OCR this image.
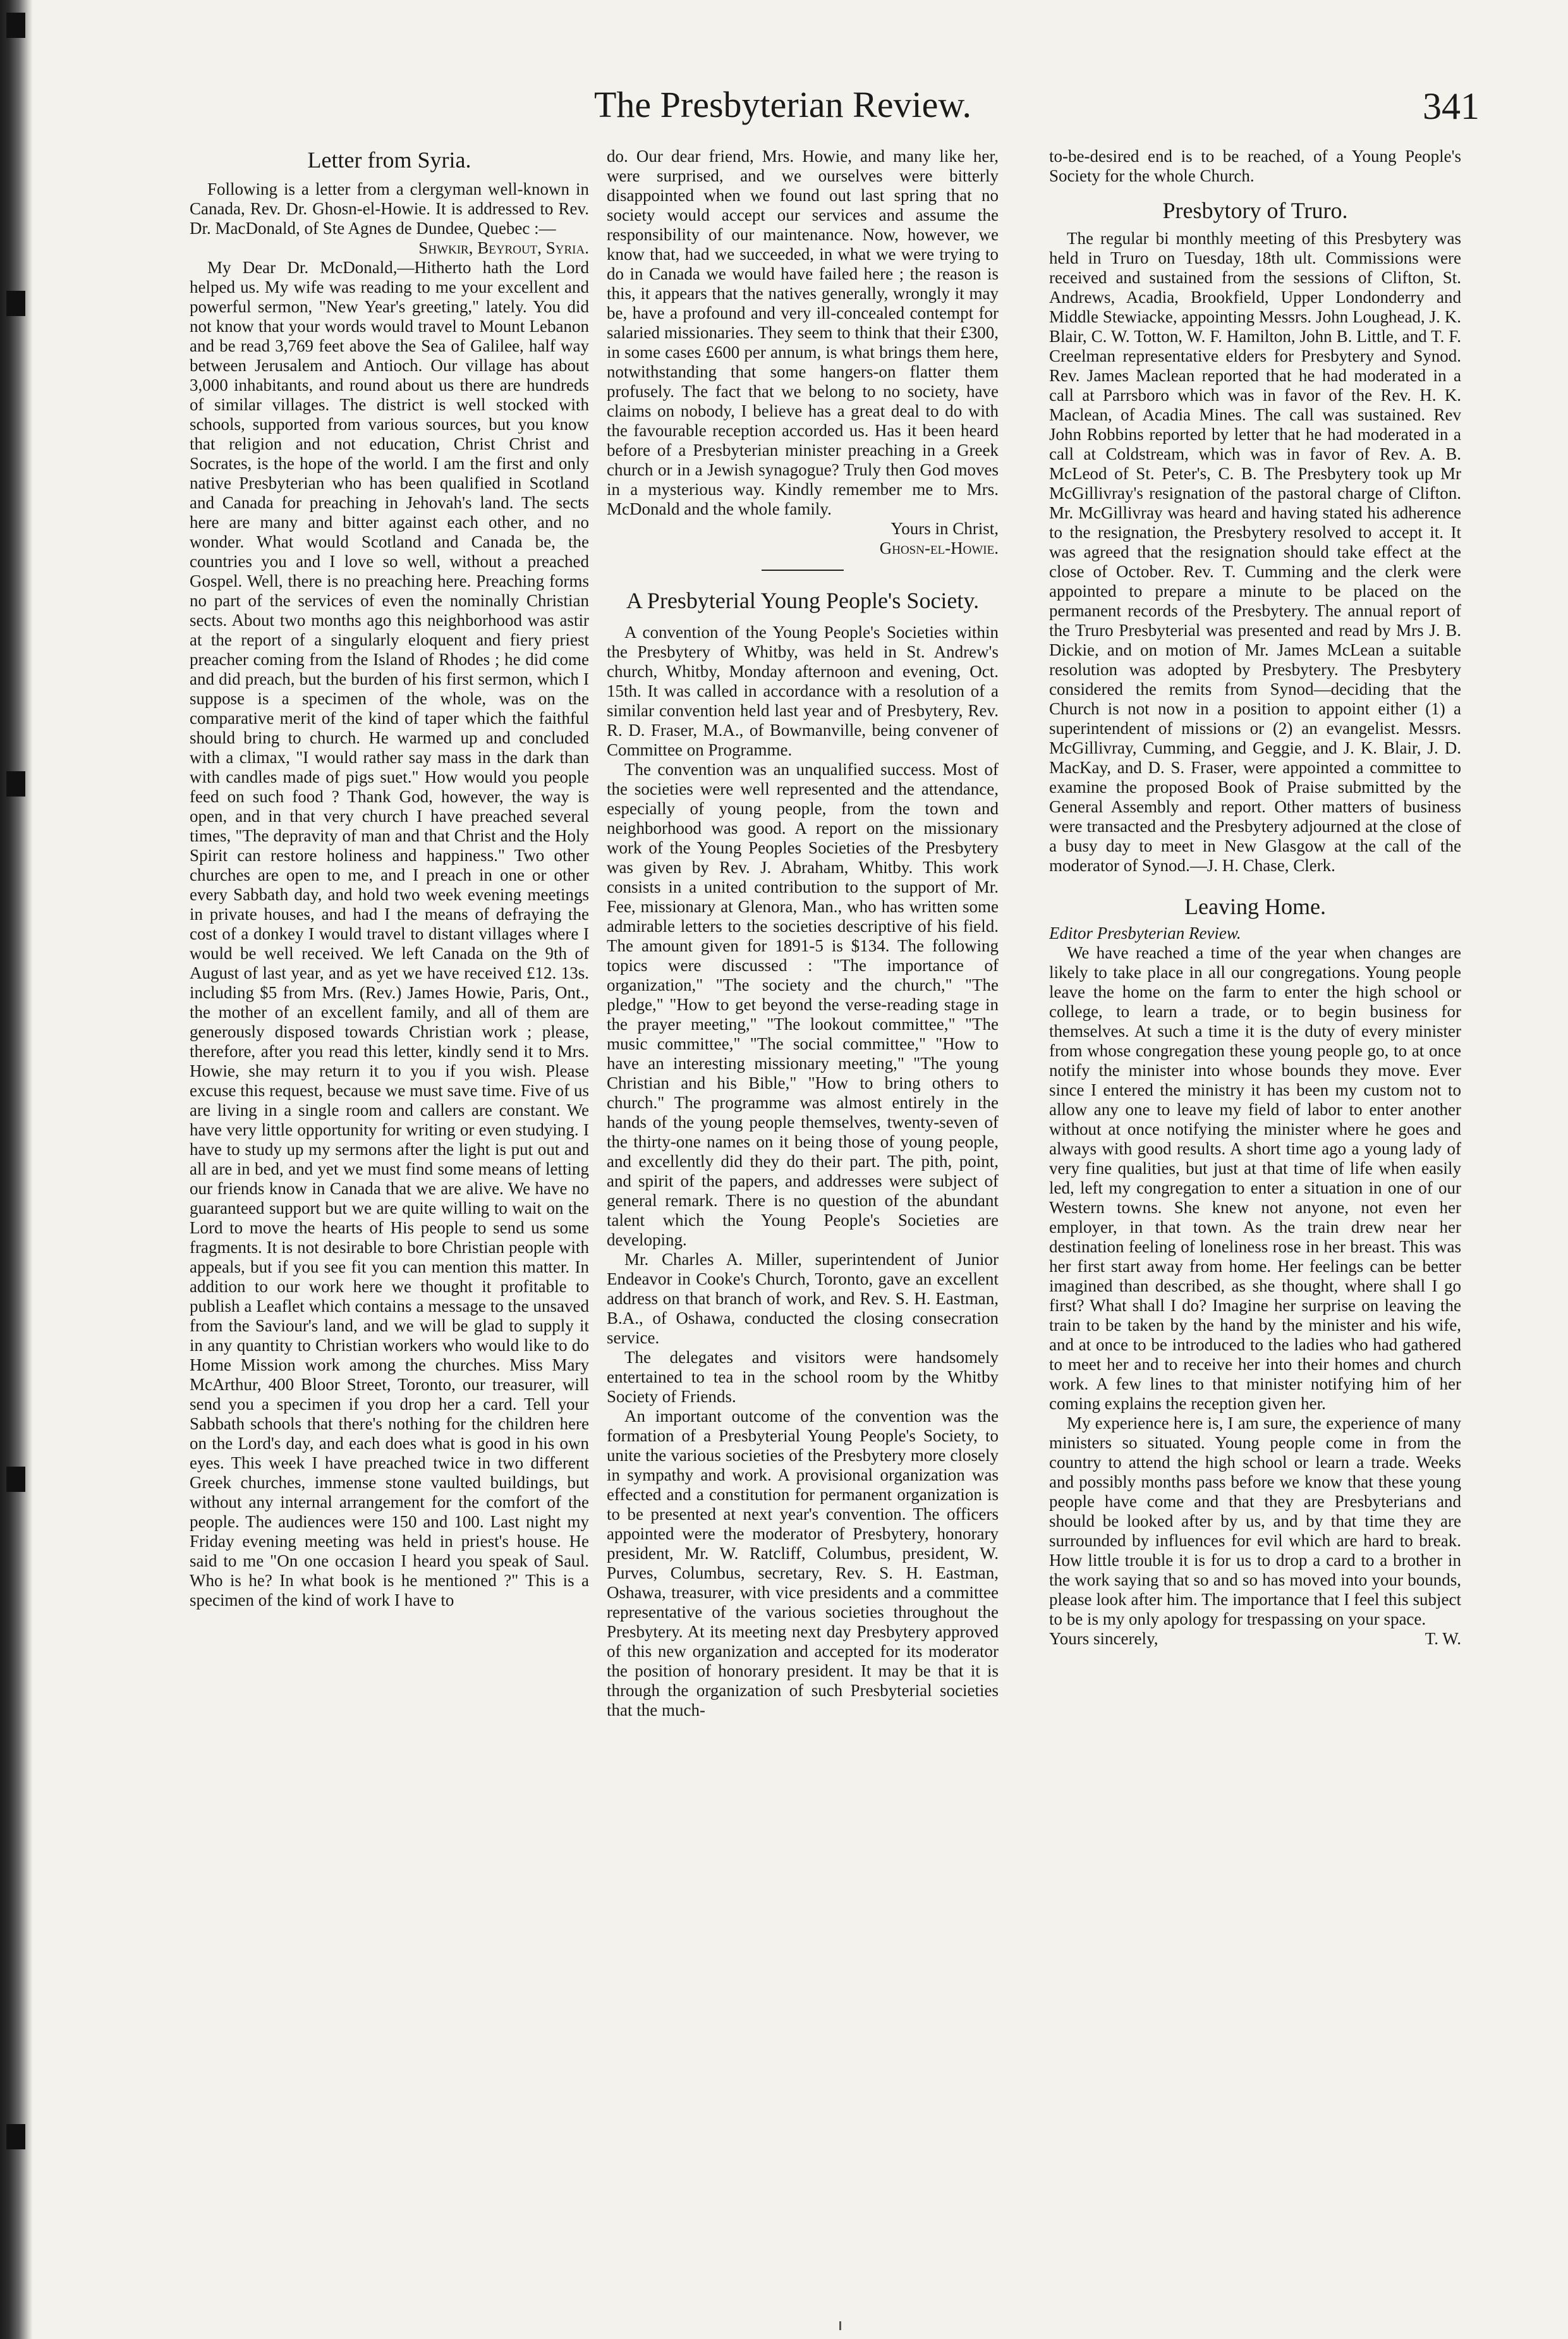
The Presbyterian Review.	341
Letter from Syria.

Following is a letter from a clergyman well-known in Canada, Rev. Dr. Ghosn-el-Howie. It is addressed to Rev. Dr. MacDonald, of Ste Agnes de Dundee, Quebec :—

Shwkir, Beyrout, Syria.

My Dear Dr. McDonald,—Hitherto hath the Lord helped us. My wife was reading to me your excellent and powerful sermon, "New Year's greeting," lately. You did not know that your words would travel to Mount Lebanon and be read 3,769 feet above the Sea of Galilee, half way between Jerusalem and Antioch. Our village has about 3,000 inhabitants, and round about us there are hundreds of similar villages. The district is well stocked with schools, supported from various sources, but you know that religion and not education, Christ Christ and Socrates, is the hope of the world. I am the first and only native Presbyterian who has been qualified in Scotland and Canada for preaching in Jehovah's land. The sects here are many and bitter against each other, and no wonder. What would Scotland and Canada be, the countries you and I love so well, without a preached Gospel. Well, there is no preaching here. Preaching forms no part of the services of even the nominally Christian sects. About two months ago this neighborhood was astir at the report of a singularly eloquent and fiery priest preacher coming from the Island of Rhodes ; he did come and did preach, but the burden of his first sermon, which I suppose is a specimen of the whole, was on the comparative merit of the kind of taper which the faithful should bring to church. He warmed up and concluded with a climax, "I would rather say mass in the dark than with candles made of pigs suet." How would you people feed on such food ? Thank God, however, the way is open, and in that very church I have preached several times, "The depravity of man and that Christ and the Holy Spirit can restore holiness and happiness." Two other churches are open to me, and I preach in one or other every Sabbath day, and hold two week evening meetings in private houses, and had I the means of defraying the cost of a donkey I would travel to distant villages where I would be well received. We left Canada on the 9th of August of last year, and as yet we have received £12. 13s. including $5 from Mrs. (Rev.) James Howie, Paris, Ont., the mother of an excellent family, and all of them are generously disposed towards Christian work ; please, therefore, after you read this letter, kindly send it to Mrs. Howie, she may return it to you if you wish. Please excuse this request, because we must save time. Five of us are living in a single room and callers are constant. We have very little opportunity for writing or even studying. I have to study up my sermons after the light is put out and all are in bed, and yet we must find some means of letting our friends know in Canada that we are alive. We have no guaranteed support but we are quite willing to wait on the Lord to move the hearts of His people to send us some fragments. It is not desirable to bore Christian people with appeals, but if you see fit you can mention this matter. In addition to our work here we thought it profitable to publish a Leaflet which contains a message to the unsaved from the Saviour's land, and we will be glad to supply it in any quantity to Christian workers who would like to do Home Mission work among the churches. Miss Mary McArthur, 400 Bloor Street, Toronto, our treasurer, will send you a specimen if you drop her a card. Tell your Sabbath schools that there's nothing for the children here on the Lord's day, and each does what is good in his own eyes. This week I have preached twice in two different Greek churches, immense stone vaulted buildings, but without any internal arrangement for the comfort of the people. The audiences were 150 and 100. Last night my Friday evening meeting was held in priest's house. He said to me "On one occasion I heard you speak of Saul. Who is he? In what book is he mentioned ?" This is a specimen of the kind of work I have to

do. Our dear friend, Mrs. Howie, and many like her, were surprised, and we ourselves were bitterly disappointed when we found out last spring that no society would accept our services and assume the responsibility of our maintenance. Now, however, we know that, had we succeeded, in what we were trying to do in Canada we would have failed here ; the reason is this, it appears that the natives generally, wrongly it may be, have a profound and very ill-concealed contempt for salaried missionaries. They seem to think that their £300, in some cases £600 per annum, is what brings them here, notwithstanding that some hangers-on flatter them profusely. The fact that we belong to no society, have claims on nobody, I believe has a great deal to do with the favourable reception accorded us. Has it been heard before of a Presbyterian minister preaching in a Greek church or in a Jewish synagogue? Truly then God moves in a mysterious way. Kindly remember me to Mrs. McDonald and the whole family.

Yours in Christ,

Ghosn-el-Howie.

A Presbyterial Young People's Society.

A convention of the Young People's Societies within the Presbytery of Whitby, was held in St. Andrew's church, Whitby, Monday afternoon and evening, Oct. 15th. It was called in accordance with a resolution of a similar convention held last year and of Presbytery, Rev. R. D. Fraser, M.A., of Bowmanville, being convener of Committee on Programme.

The convention was an unqualified success. Most of the societies were well represented and the attendance, especially of young people, from the town and neighborhood was good. A report on the missionary work of the Young Peoples Societies of the Presbytery was given by Rev. J. Abraham, Whitby. This work consists in a united contribution to the support of Mr. Fee, missionary at Glenora, Man., who has written some admirable letters to the societies descriptive of his field. The amount given for 1891-5 is $134. The following topics were discussed : "The importance of organization," "The society and the church," "The pledge," "How to get beyond the verse-reading stage in the prayer meeting," "The lookout committee," "The music committee," "The social committee," "How to have an interesting missionary meeting," "The young Christian and his Bible," "How to bring others to church." The programme was almost entirely in the hands of the young people themselves, twenty-seven of the thirty-one names on it being those of young people, and excellently did they do their part. The pith, point, and spirit of the papers, and addresses were subject of general remark. There is no question of the abundant talent which the Young People's Societies are developing.

Mr. Charles A. Miller, superintendent of Junior Endeavor in Cooke's Church, Toronto, gave an excellent address on that branch of work, and Rev. S. H. Eastman, B.A., of Oshawa, conducted the closing consecration service.

The delegates and visitors were handsomely entertained to tea in the school room by the Whitby Society of Friends.

An important outcome of the convention was the formation of a Presbyterial Young People's Society, to unite the various societies of the Presbytery more closely in sympathy and work. A provisional organization was effected and a constitution for permanent organization is to be presented at next year's convention. The officers appointed were the moderator of Presbytery, honorary president, Mr. W. Ratcliff, Columbus, president, W. Purves, Columbus, secretary, Rev. S. H. Eastman, Oshawa, treasurer, with vice presidents and a committee representative of the various societies throughout the Presbytery. At its meeting next day Presbytery approved of this new organization and accepted for its moderator the position of honorary president. It may be that it is through the organization of such Presbyterial societies that the much-

to-be-desired end is to be reached, of a Young People's Society for the whole Church.

Presbytory of Truro.

The regular bi monthly meeting of this Presbytery was held in Truro on Tuesday, 18th ult. Commissions were received and sustained from the sessions of Clifton, St. Andrews, Acadia, Brookfield, Upper Londonderry and Middle Stewiacke, appointing Messrs. John Loughead, J. K. Blair, C. W. Totton, W. F. Hamilton, John B. Little, and T. F. Creelman representative elders for Presbytery and Synod. Rev. James Maclean reported that he had moderated in a call at Parrsboro which was in favor of the Rev. H. K. Maclean, of Acadia Mines. The call was sustained. Rev John Robbins reported by letter that he had moderated in a call at Coldstream, which was in favor of Rev. A. B. McLeod of St. Peter's, C. B. The Presbytery took up Mr McGillivray's resignation of the pastoral charge of Clifton. Mr. McGillivray was heard and having stated his adherence to the resignation, the Presbytery resolved to accept it. It was agreed that the resignation should take effect at the close of October. Rev. T. Cumming and the clerk were appointed to prepare a minute to be placed on the permanent records of the Presbytery. The annual report of the Truro Presbyterial was presented and read by Mrs J. B. Dickie, and on motion of Mr. James McLean a suitable resolution was adopted by Presbytery. The Presbytery considered the remits from Synod—deciding that the Church is not now in a position to appoint either (1) a superintendent of missions or (2) an evangelist. Messrs. McGillivray, Cumming, and Geggie, and J. K. Blair, J. D. MacKay, and D. S. Fraser, were appointed a committee to examine the proposed Book of Praise submitted by the General Assembly and report. Other matters of business were transacted and the Presbytery adjourned at the close of a busy day to meet in New Glasgow at the call of the moderator of Synod.—J. H. Chase, Clerk.

Leaving Home.

Editor Presbyterian Review.

We have reached a time of the year when changes are likely to take place in all our congregations. Young people leave the home on the farm to enter the high school or college, to learn a trade, or to begin business for themselves. At such a time it is the duty of every minister from whose congregation these young people go, to at once notify the minister into whose bounds they move. Ever since I entered the ministry it has been my custom not to allow any one to leave my field of labor to enter another without at once notifying the minister where he goes and always with good results. A short time ago a young lady of very fine qualities, but just at that time of life when easily led, left my congregation to enter a situation in one of our Western towns. She knew not anyone, not even her employer, in that town. As the train drew near her destination feeling of loneliness rose in her breast. This was her first start away from home. Her feelings can be better imagined than described, as she thought, where shall I go first? What shall I do? Imagine her surprise on leaving the train to be taken by the hand by the minister and his wife, and at once to be introduced to the ladies who had gathered to meet her and to receive her into their homes and church work. A few lines to that minister notifying him of her coming explains the reception given her.

My experience here is, I am sure, the experience of many ministers so situated. Young people come in from the country to attend the high school or learn a trade. Weeks and possibly months pass before we know that these young people have come and that they are Presbyterians and should be looked after by us, and by that time they are surrounded by influences for evil which are hard to break. How little trouble it is for us to drop a card to a brother in the work saying that so and so has moved into your bounds, please look after him. The importance that I feel this subject to be is my only apology for trespassing on your space.

Yours sincerely,	T. W.
